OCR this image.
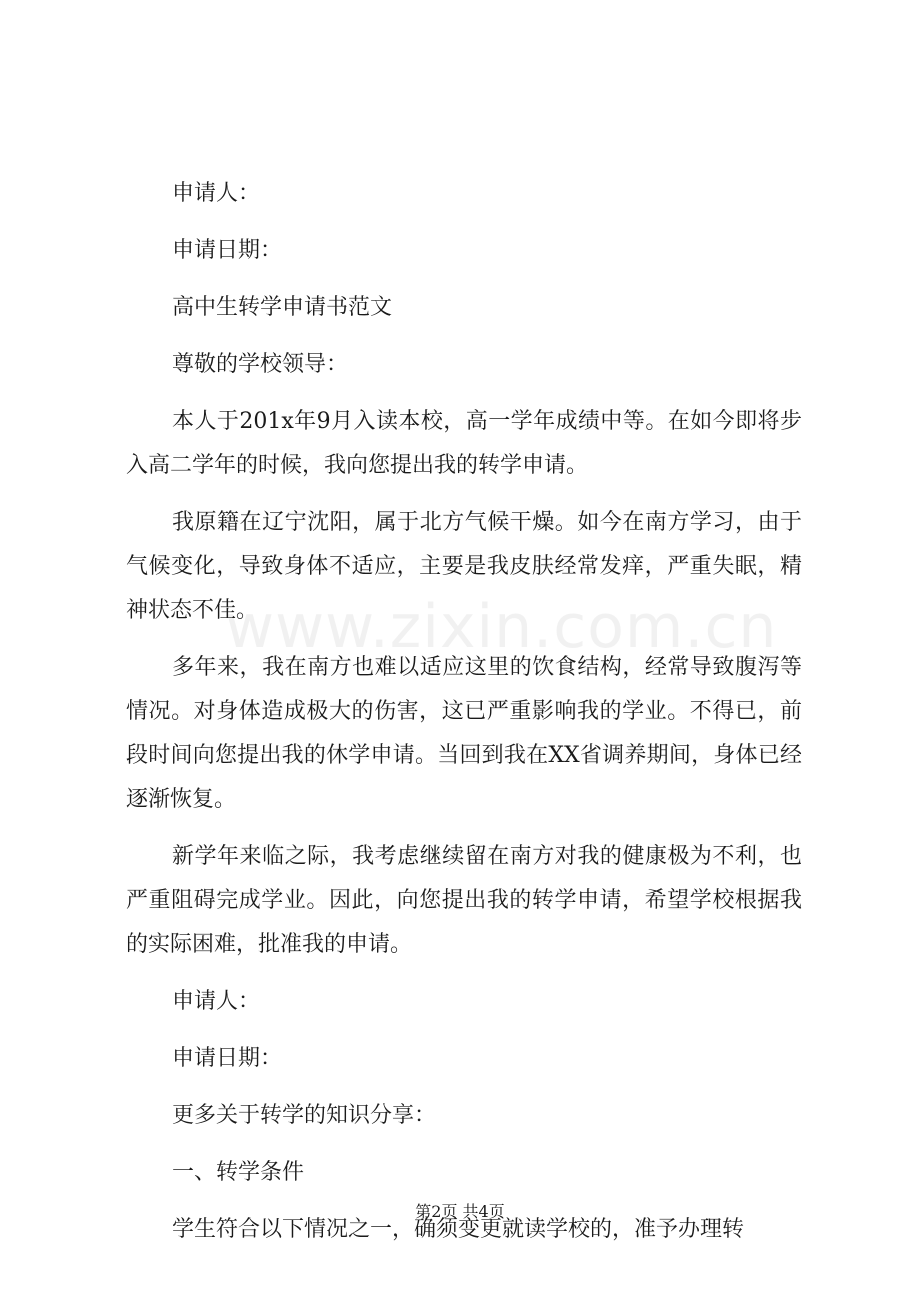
www.zixin.com.cn

申请人：

申请日期：

高中生转学申请书范文

尊敬的学校领导：

本人于201x年9月入读本校，高一学年成绩中等。在如今即将步入高二学年的时候，我向您提出我的转学申请。

我原籍在辽宁沈阳，属于北方气候干燥。如今在南方学习，由于气候变化，导致身体不适应，主要是我皮肤经常发痒，严重失眠，精神状态不佳。

多年来，我在南方也难以适应这里的饮食结构，经常导致腹泻等情况。对身体造成极大的伤害，这已严重影响我的学业。不得已，前段时间向您提出我的休学申请。当回到我在XX省调养期间，身体已经逐渐恢复。

新学年来临之际，我考虑继续留在南方对我的健康极为不利，也严重阻碍完成学业。因此，向您提出我的转学申请，希望学校根据我的实际困难，批准我的申请。

申请人：

申请日期：

更多关于转学的知识分享：

一、转学条件

学生符合以下情况之一，确须变更就读学校的，准予办理转

第2页 共4页
